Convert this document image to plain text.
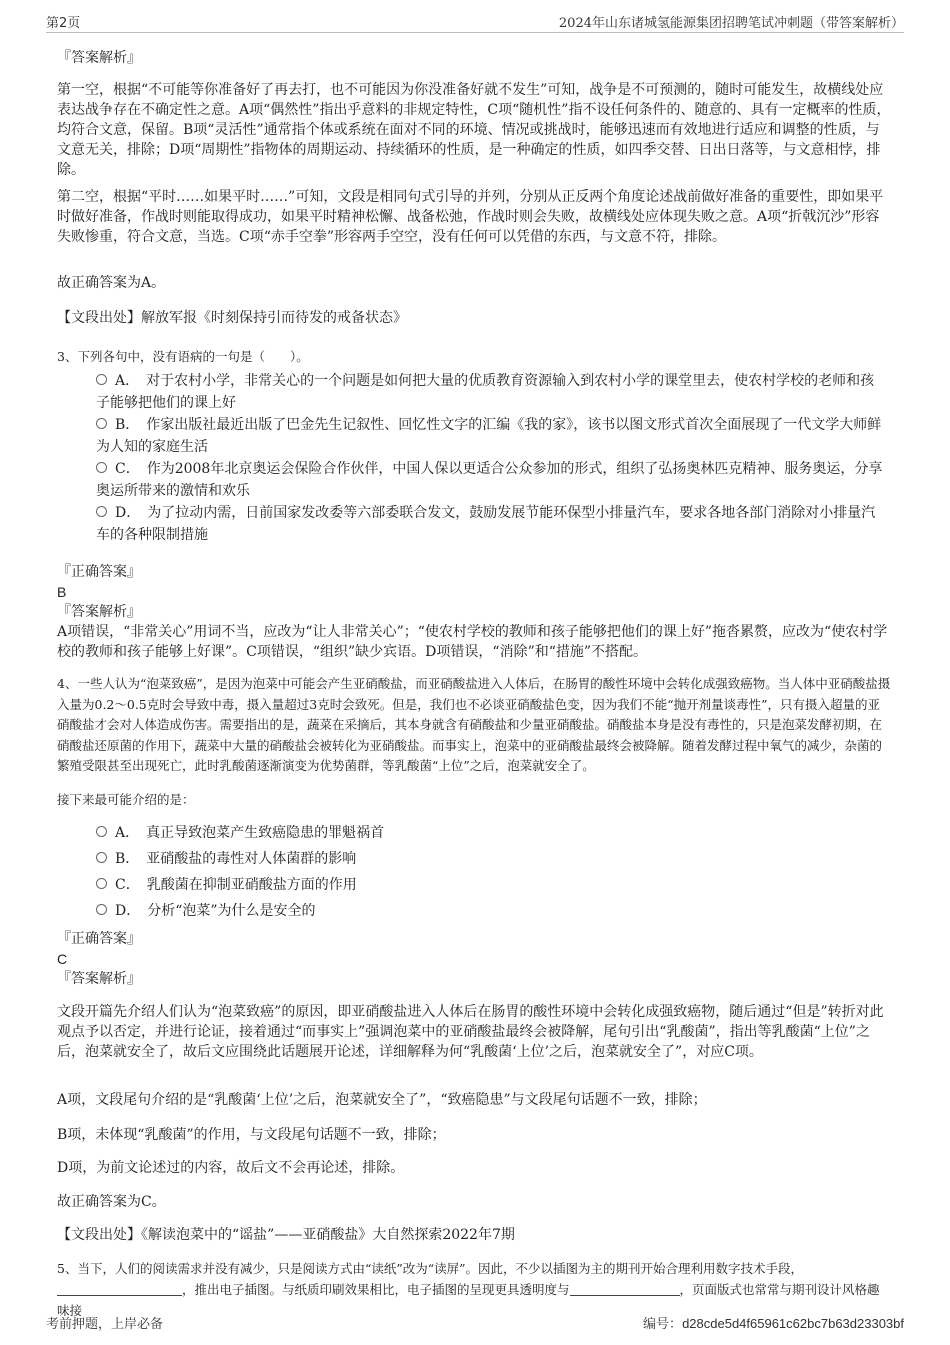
第2页	2024年山东诸城氢能源集团招聘笔试冲刺题（带答案解析）

『答案解析』

第一空，根据“不可能等你准备好了再去打，也不可能因为你没准备好就不发生”可知，战争是不可预测的，随时可能发生，故横线处应表达战争存在不确定性之意。A项“偶然性”指出乎意料的非规定特性，C项“随机性”指不设任何条件的、随意的、具有一定概率的性质，均符合文意，保留。B项“灵活性”通常指个体或系统在面对不同的环境、情况或挑战时，能够迅速而有效地进行适应和调整的性质，与文意无关，排除；D项“周期性”指物体的周期运动、持续循环的性质，是一种确定的性质，如四季交替、日出日落等，与文意相悖，排除。

第二空，根据“平时……如果平时……”可知，文段是相同句式引导的并列，分别从正反两个角度论述战前做好准备的重要性，即如果平时做好准备，作战时则能取得成功，如果平时精神松懈、战备松弛，作战时则会失败，故横线处应体现失败之意。A项“折戟沉沙”形容失败惨重，符合文意，当选。C项“赤手空拳”形容两手空空，没有任何可以凭借的东西，与文意不符，排除。

故正确答案为A。

【文段出处】解放军报《时刻保持引而待发的戒备状态》

3、下列各句中，没有语病的一句是（　　）。

A．　对于农村小学，非常关心的一个问题是如何把大量的优质教育资源输入到农村小学的课堂里去，使农村学校的老师和孩子能够把他们的课上好
B．　作家出版社最近出版了巴金先生记叙性、回忆性文字的汇编《我的家》，该书以图文形式首次全面展现了一代文学大师鲜为人知的家庭生活
C．　作为2008年北京奥运会保险合作伙伴，中国人保以更适合公众参加的形式，组织了弘扬奥林匹克精神、服务奥运，分享奥运所带来的激情和欢乐
D．　为了拉动内需，日前国家发改委等六部委联合发文，鼓励发展节能环保型小排量汽车，要求各地各部门消除对小排量汽车的各种限制措施

『正确答案』

B

『答案解析』

A项错误，“非常关心”用词不当，应改为“让人非常关心”；“使农村学校的教师和孩子能够把他们的课上好”拖沓累赘，应改为“使农村学校的教师和孩子能够上好课”。C项错误，“组织”缺少宾语。D项错误，“消除”和“措施”不搭配。

4、一些人认为“泡菜致癌”，是因为泡菜中可能会产生亚硝酸盐，而亚硝酸盐进入人体后，在肠胃的酸性环境中会转化成强致癌物。当人体中亚硝酸盐摄入量为0.2～0.5克时会导致中毒，摄入量超过3克时会致死。但是，我们也不必谈亚硝酸盐色变，因为我们不能“抛开剂量谈毒性”，只有摄入超量的亚硝酸盐才会对人体造成伤害。需要指出的是，蔬菜在采摘后，其本身就含有硝酸盐和少量亚硝酸盐。硝酸盐本身是没有毒性的，只是泡菜发酵初期，在硝酸盐还原菌的作用下，蔬菜中大量的硝酸盐会被转化为亚硝酸盐。而事实上，泡菜中的亚硝酸盐最终会被降解。随着发酵过程中氧气的减少，杂菌的繁殖受限甚至出现死亡，此时乳酸菌逐渐演变为优势菌群，等乳酸菌“上位”之后，泡菜就安全了。

接下来最可能介绍的是：

A．　真正导致泡菜产生致癌隐患的罪魁祸首
B．　亚硝酸盐的毒性对人体菌群的影响
C．　乳酸菌在抑制亚硝酸盐方面的作用
D．　分析“泡菜”为什么是安全的

『正确答案』

C

『答案解析』

文段开篇先介绍人们认为“泡菜致癌”的原因，即亚硝酸盐进入人体后在肠胃的酸性环境中会转化成强致癌物，随后通过“但是”转折对此观点予以否定，并进行论证，接着通过“而事实上”强调泡菜中的亚硝酸盐最终会被降解，尾句引出“乳酸菌”，指出等乳酸菌“上位”之后，泡菜就安全了，故后文应围绕此话题展开论述，详细解释为何“乳酸菌‘上位’之后，泡菜就安全了”，对应C项。

A项，文段尾句介绍的是“乳酸菌‘上位’之后，泡菜就安全了”，“致癌隐患”与文段尾句话题不一致，排除；

B项，未体现“乳酸菌”的作用，与文段尾句话题不一致，排除；

D项，为前文论述过的内容，故后文不会再论述，排除。

故正确答案为C。

【文段出处】《解读泡菜中的“谣盐”——亚硝酸盐》大自然探索2022年7期

5、当下，人们的阅读需求并没有减少，只是阅读方式由“读纸”改为“读屏”。因此，不少以插图为主的期刊开始合理利用数字技术手段，

，推出电子插图。与纸质印刷效果相比，电子插图的呈现更具透明度与	，页面版式也常常与期刊设计风格趣味接

考前押题，上岸必备	编号：d28cde5d4f65961c62bc7b63d23303bf
